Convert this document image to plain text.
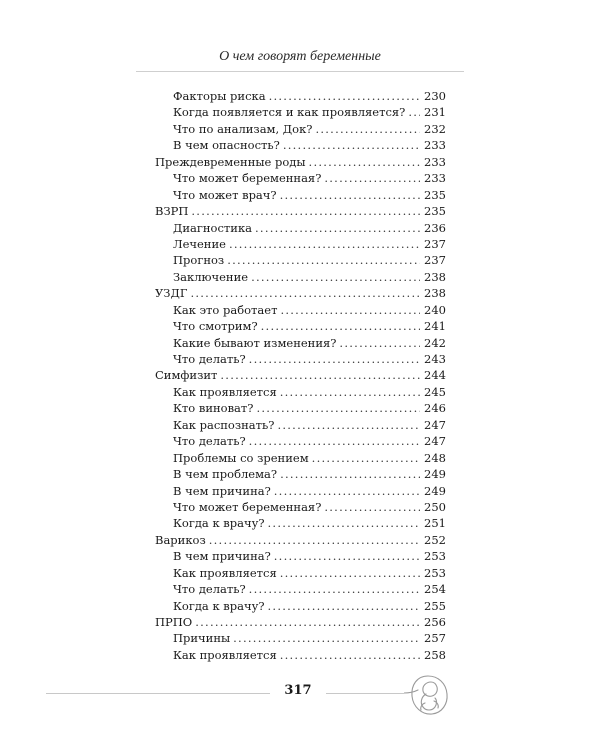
О чем говорят беременные
Факторы риска . . .	230
Когда появляется и как проявляется? . . .	231
Что по анализам, Док? . . .	232
В чем опасность? . . .	233
Преждевременные роды . . .	233
Что может беременная? . . .	233
Что может врач? . . .	235
ВЗРП . . .	235
Диагностика . . .	236
Лечение . . .	237
Прогноз . . .	237
Заключение . . .	238
УЗДГ . . .	238
Как это работает . . .	240
Что смотрим? . . .	241
Какие бывают изменения? . . .	242
Что делать? . . .	243
Симфизит . . .	244
Как проявляется . . .	245
Кто виноват? . . .	246
Как распознать? . . .	247
Что делать? . . .	247
Проблемы со зрением . . .	248
В чем проблема? . . .	249
В чем причина? . . .	249
Что может беременная? . . .	250
Когда к врачу? . . .	251
Варикоз . . .	252
В чем причина? . . .	253
Как проявляется . . .	253
Что делать? . . .	254
Когда к врачу? . . .	255
ПРПО . . .	256
Причины . . .	257
Как проявляется . . .	258
317
